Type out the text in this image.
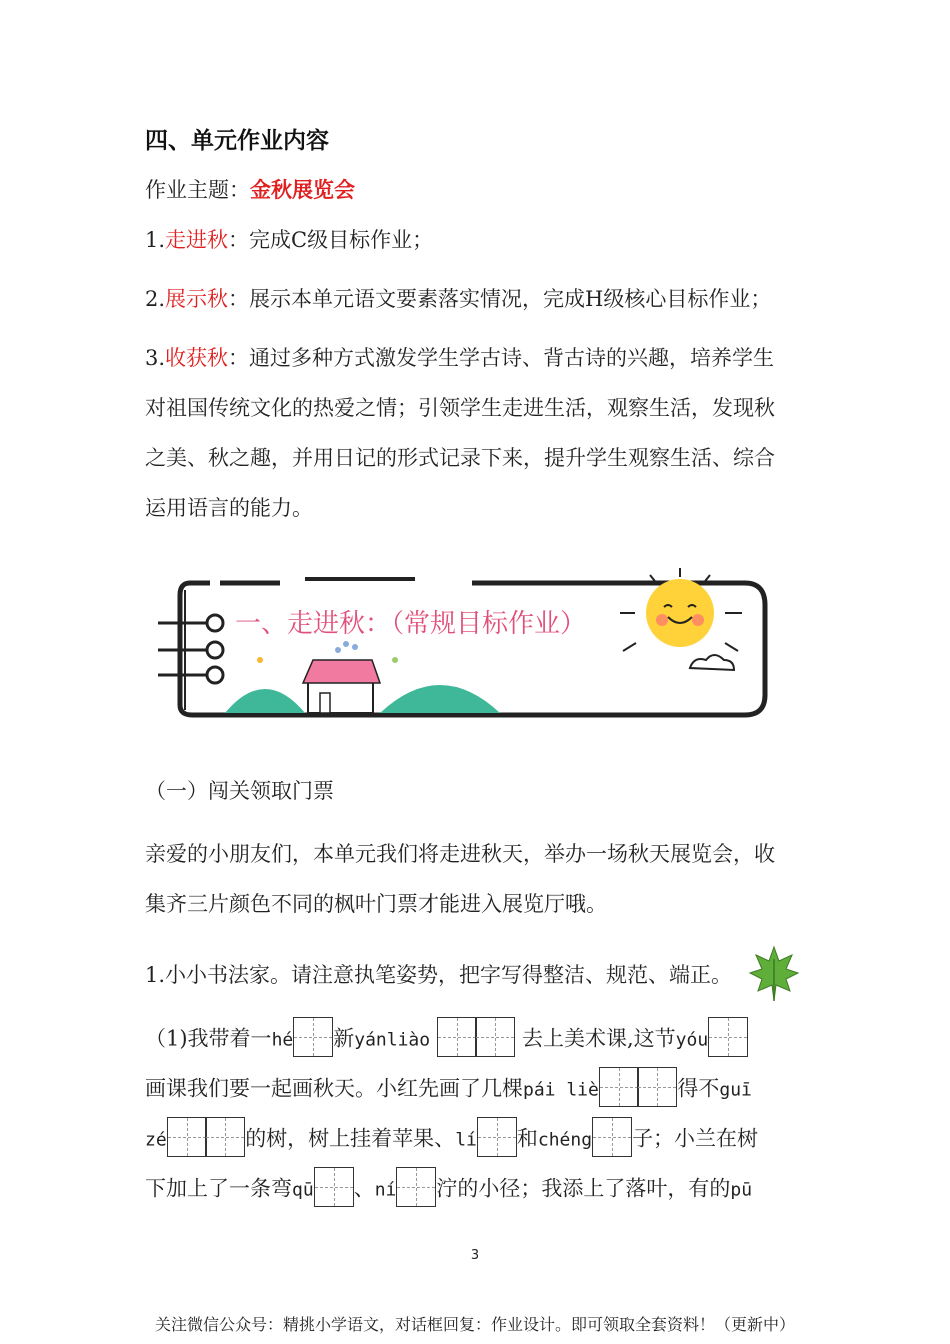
四、单元作业内容
作业主题：金秋展览会
1.走进秋：完成C级目标作业；
2.展示秋：展示本单元语文要素落实情况，完成H级核心目标作业；
3.收获秋：通过多种方式激发学生学古诗、背古诗的兴趣，培养学生
对祖国传统文化的热爱之情；引领学生走进生活，观察生活，发现秋
之美、秋之趣，并用日记的形式记录下来，提升学生观察生活、综合
运用语言的能力。
一、走进秋：（常规目标作业）
（一）闯关领取门票
亲爱的小朋友们，本单元我们将走进秋天，举办一场秋天展览会，收
集齐三片颜色不同的枫叶门票才能进入展览厅哦。
1.小小书法家。请注意执笔姿势，把字写得整洁、规范、端正。
（1)我带着一hé 新yánliào	去上美术课,这节yóu
画课我们要一起画秋天。小红先画了几棵pái liè	得不guī
zé	的树，树上挂着苹果、lí 和chéng 子；小兰在树
下加上了一条弯qū 、ní 泞的小径；我添上了落叶，有的pū
3
关注微信公众号：精挑小学语文，对话框回复：作业设计。即可领取全套资料！（更新中）
